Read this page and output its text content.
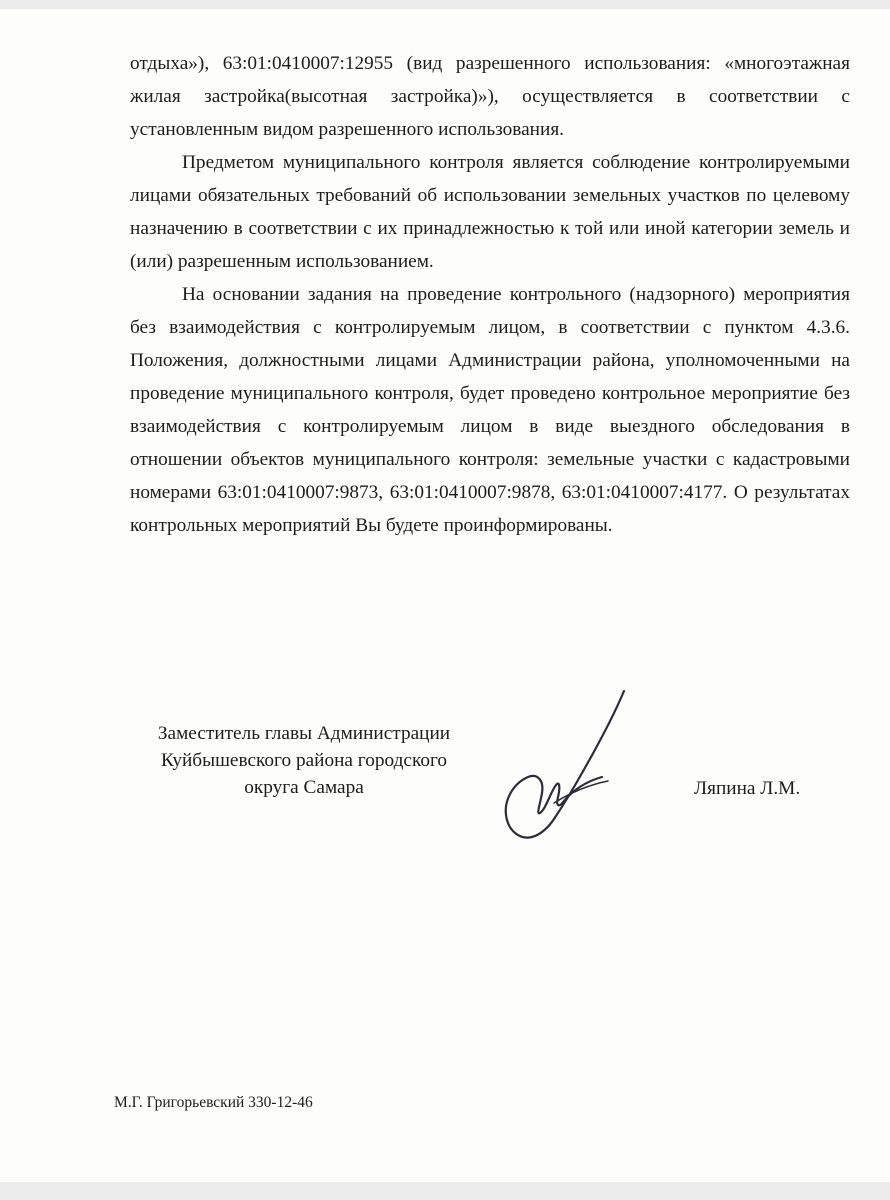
отдыха»), 63:01:0410007:12955 (вид разрешенного использования: «многоэтажная жилая застройка(высотная застройка)»), осуществляется в соответствии с установленным видом разрешенного использования.

Предметом муниципального контроля является соблюдение контролируемыми лицами обязательных требований об использовании земельных участков по целевому назначению в соответствии с их принадлежностью к той или иной категории земель и (или) разрешенным использованием.

На основании задания на проведение контрольного (надзорного) мероприятия без взаимодействия с контролируемым лицом, в соответствии с пунктом 4.3.6. Положения, должностными лицами Администрации района, уполномоченными на проведение муниципального контроля, будет проведено контрольное мероприятие без взаимодействия с контролируемым лицом в виде выездного обследования в отношении объектов муниципального контроля: земельные участки с кадастровыми номерами 63:01:0410007:9873, 63:01:0410007:9878, 63:01:0410007:4177. О результатах контрольных мероприятий Вы будете проинформированы.

Заместитель главы Администрации
Куйбышевского района городского
округа Самара	Ляпина Л.М.
М.Г. Григорьевский 330-12-46
